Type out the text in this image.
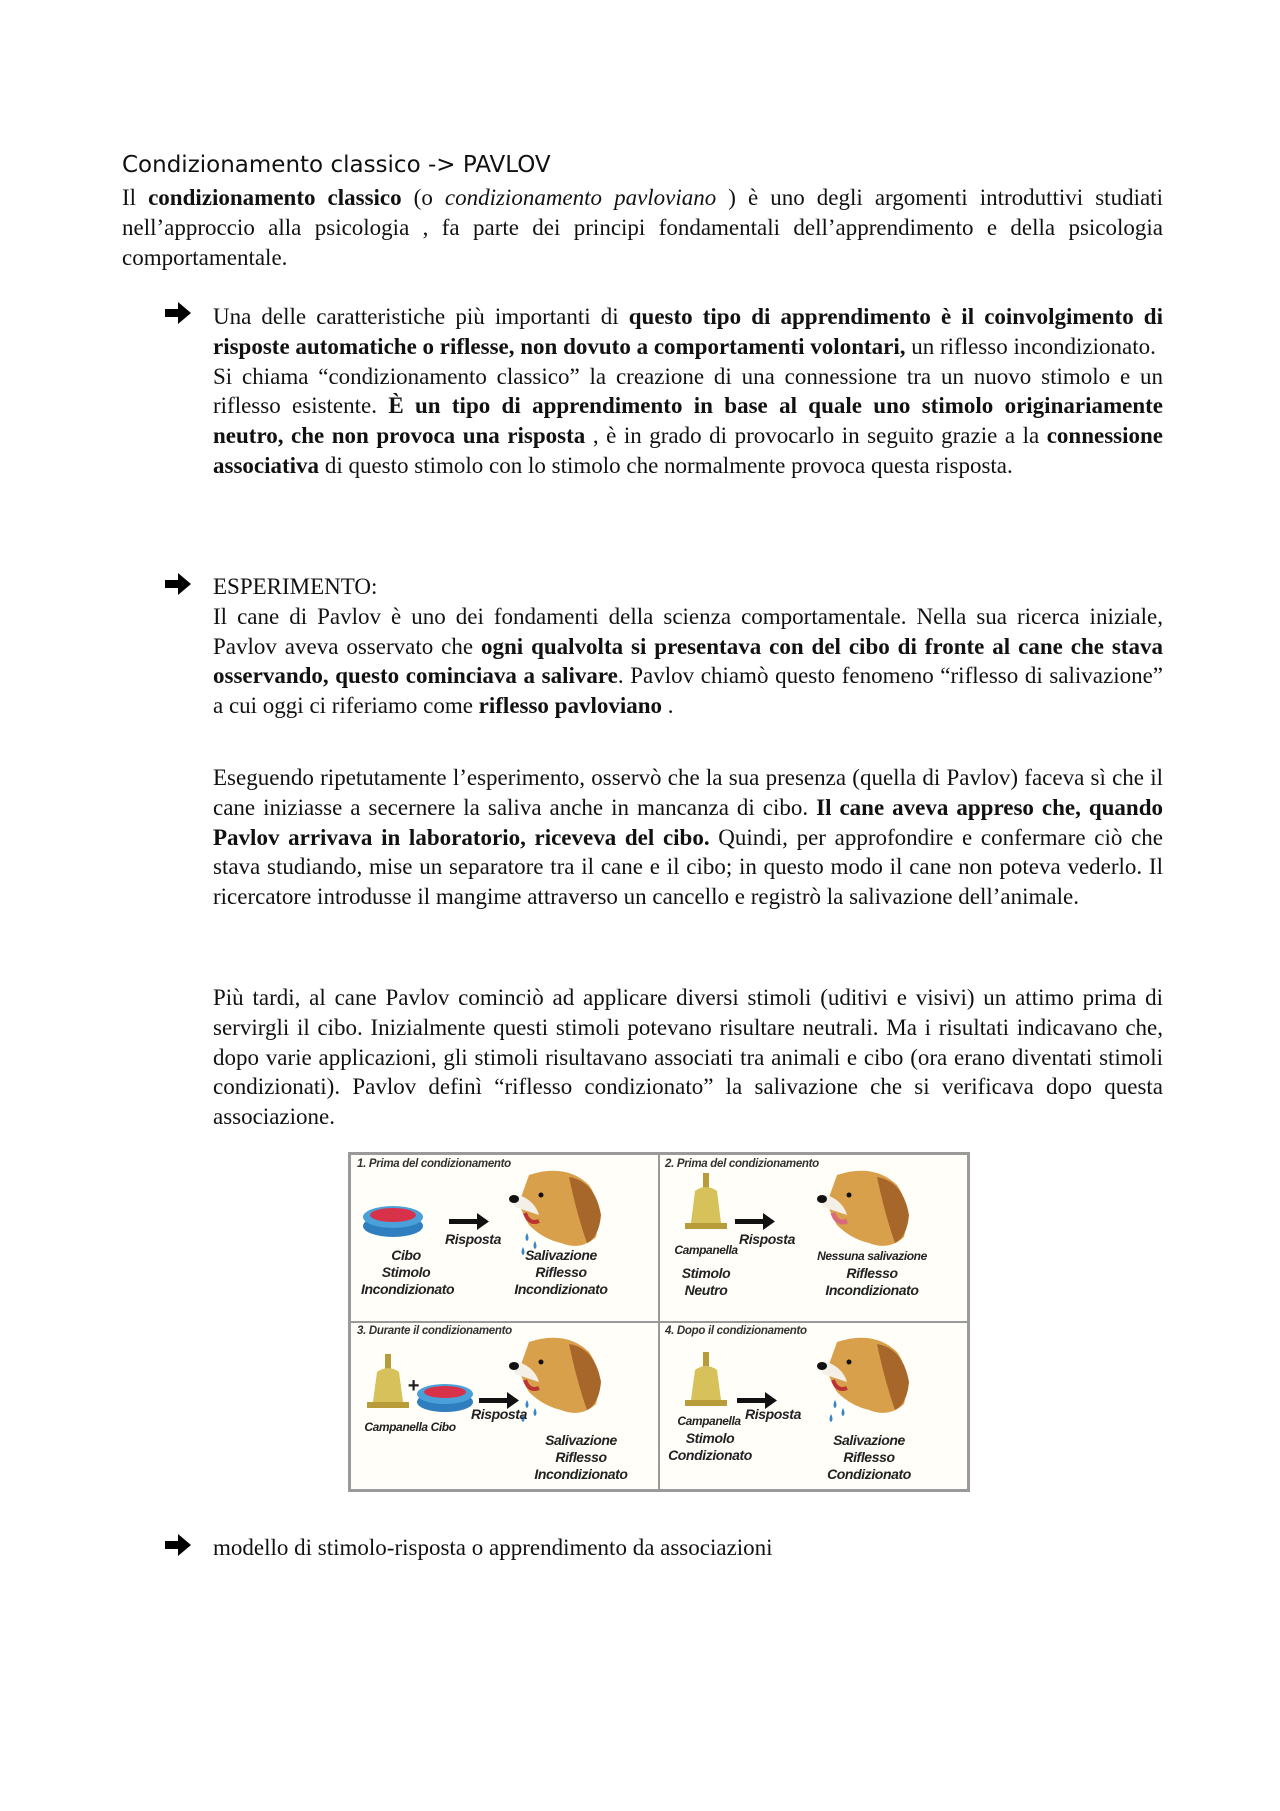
Condizionamento classico -> PAVLOV
Il condizionamento classico (o condizionamento pavloviano ) è uno degli argomenti introduttivi studiati nell’approccio alla psicologia , fa parte dei principi fondamentali dell’apprendimento e della psicologia comportamentale.
Una delle caratteristiche più importanti di questo tipo di apprendimento è il coinvolgimento di risposte automatiche o riflesse, non dovuto a comportamenti volontari, un riflesso incondizionato.
Si chiama “condizionamento classico” la creazione di una connessione tra un nuovo stimolo e un riflesso esistente. È un tipo di apprendimento in base al quale uno stimolo originariamente neutro, che non provoca una risposta , è in grado di provocarlo in seguito grazie a la connessione associativa di questo stimolo con lo stimolo che normalmente provoca questa risposta.
ESPERIMENTO:
Il cane di Pavlov è uno dei fondamenti della scienza comportamentale. Nella sua ricerca iniziale, Pavlov aveva osservato che ogni qualvolta si presentava con del cibo di fronte al cane che stava osservando, questo cominciava a salivare. Pavlov chiamò questo fenomeno “riflesso di salivazione” a cui oggi ci riferiamo come riflesso pavloviano .
Eseguendo ripetutamente l’esperimento, osservò che la sua presenza (quella di Pavlov) faceva sì che il cane iniziasse a secernere la saliva anche in mancanza di cibo. Il cane aveva appreso che, quando Pavlov arrivava in laboratorio, riceveva del cibo. Quindi, per approfondire e confermare ciò che stava studiando, mise un separatore tra il cane e il cibo; in questo modo il cane non poteva vederlo. Il ricercatore introdusse il mangime attraverso un cancello e registrò la salivazione dell’animale.
Più tardi, al cane Pavlov cominciò ad applicare diversi stimoli (uditivi e visivi) un attimo prima di servirgli il cibo. Inizialmente questi stimoli potevano risultare neutrali. Ma i risultati indicavano che, dopo varie applicazioni, gli stimoli risultavano associati tra animali e cibo (ora erano diventati stimoli condizionati). Pavlov definì “riflesso condizionato” la salivazione che si verificava dopo questa associazione.
1. Prima del condizionamento
Cibo
Stimolo
Incondizionato
Risposta
Salivazione
Riflesso
Incondizionato
2. Prima del condizionamento
Campanella
Risposta
Stimolo
Neutro
Nessuna salivazione
Riflesso
Incondizionato
3. Durante il condizionamento
+
Campanella Cibo
Risposta
Salivazione
Riflesso
Incondizionato
4. Dopo il condizionamento
Campanella Risposta
Stimolo
Condizionato
Salivazione
Riflesso
Condizionato
modello di stimolo-risposta o apprendimento da associazioni
